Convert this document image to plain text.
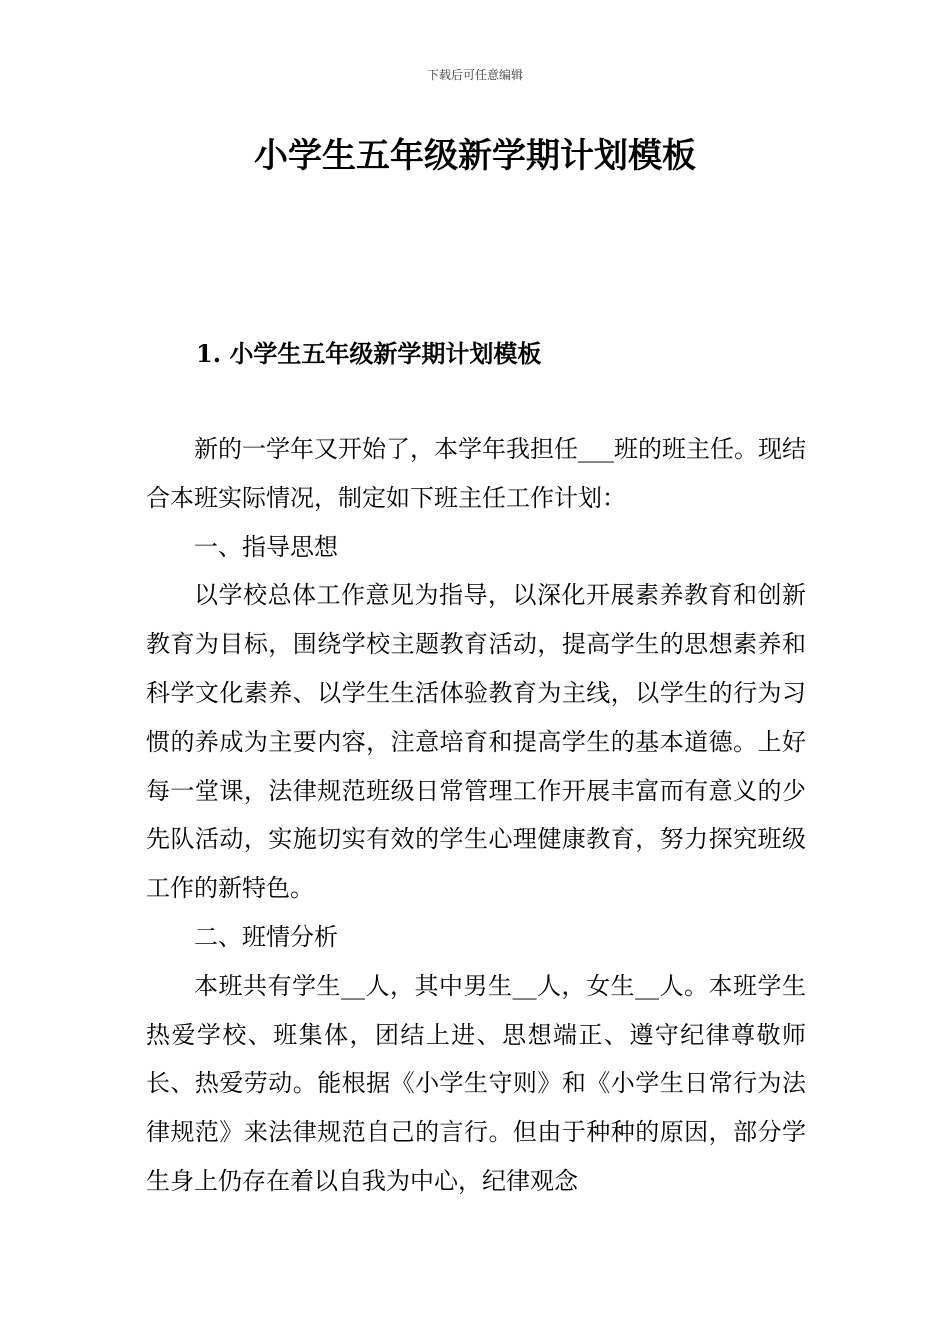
下载后可任意编辑
小学生五年级新学期计划模板
1. 小学生五年级新学期计划模板

新的一学年又开始了，本学年我担任___班的班主任。现结合本班实际情况，制定如下班主任工作计划：

一、指导思想

以学校总体工作意见为指导，以深化开展素养教育和创新教育为目标，围绕学校主题教育活动，提高学生的思想素养和科学文化素养、以学生生活体验教育为主线，以学生的行为习惯的养成为主要内容，注意培育和提高学生的基本道德。上好每一堂课，法律规范班级日常管理工作开展丰富而有意义的少先队活动，实施切实有效的学生心理健康教育，努力探究班级工作的新特色。

二、班情分析

本班共有学生__人，其中男生__人，女生__人。本班学生热爱学校、班集体，团结上进、思想端正、遵守纪律尊敬师长、热爱劳动。能根据《小学生守则》和《小学生日常行为法律规范》来法律规范自己的言行。但由于种种的原因，部分学生身上仍存在着以自我为中心，纪律观念
